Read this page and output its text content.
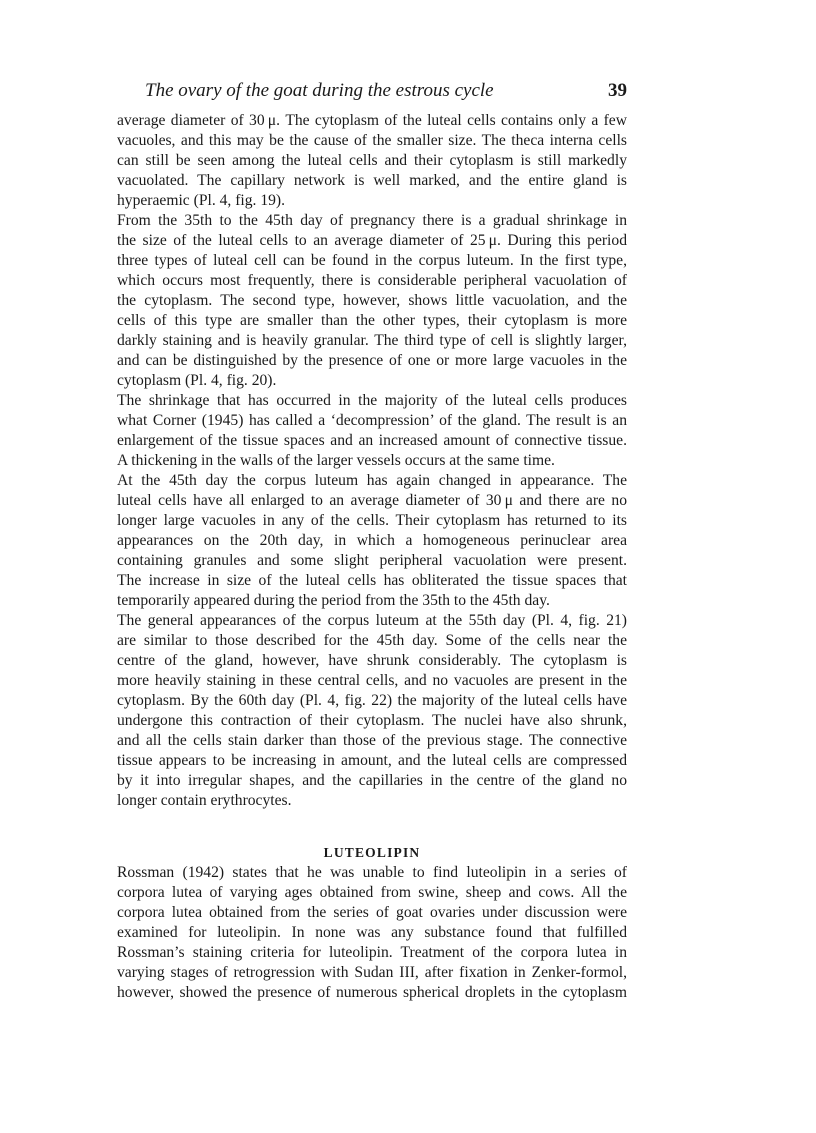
The ovary of the goat during the estrous cycle	39
average diameter of 30 μ. The cytoplasm of the luteal cells contains only a few
vacuoles, and this may be the cause of the smaller size. The theca interna cells
can still be seen among the luteal cells and their cytoplasm is still markedly
vacuolated. The capillary network is well marked, and the entire gland is
hyperaemic (Pl. 4, fig. 19).
From the 35th to the 45th day of pregnancy there is a gradual shrinkage in
the size of the luteal cells to an average diameter of 25 μ. During this period
three types of luteal cell can be found in the corpus luteum. In the first type,
which occurs most frequently, there is considerable peripheral vacuolation of
the cytoplasm. The second type, however, shows little vacuolation, and the
cells of this type are smaller than the other types, their cytoplasm is more
darkly staining and is heavily granular. The third type of cell is slightly larger,
and can be distinguished by the presence of one or more large vacuoles in the
cytoplasm (Pl. 4, fig. 20).
The shrinkage that has occurred in the majority of the luteal cells produces
what Corner (1945) has called a ‘decompression’ of the gland. The result is an
enlargement of the tissue spaces and an increased amount of connective tissue.
A thickening in the walls of the larger vessels occurs at the same time.
At the 45th day the corpus luteum has again changed in appearance. The
luteal cells have all enlarged to an average diameter of 30 μ and there are no
longer large vacuoles in any of the cells. Their cytoplasm has returned to its
appearances on the 20th day, in which a homogeneous perinuclear area
containing granules and some slight peripheral vacuolation were present.
The increase in size of the luteal cells has obliterated the tissue spaces that
temporarily appeared during the period from the 35th to the 45th day.
The general appearances of the corpus luteum at the 55th day (Pl. 4, fig. 21)
are similar to those described for the 45th day. Some of the cells near the
centre of the gland, however, have shrunk considerably. The cytoplasm is
more heavily staining in these central cells, and no vacuoles are present in the
cytoplasm. By the 60th day (Pl. 4, fig. 22) the majority of the luteal cells have
undergone this contraction of their cytoplasm. The nuclei have also shrunk,
and all the cells stain darker than those of the previous stage. The connective
tissue appears to be increasing in amount, and the luteal cells are compressed
by it into irregular shapes, and the capillaries in the centre of the gland no
longer contain erythrocytes.
LUTEOLIPIN
Rossman (1942) states that he was unable to find luteolipin in a series of
corpora lutea of varying ages obtained from swine, sheep and cows. All the
corpora lutea obtained from the series of goat ovaries under discussion were
examined for luteolipin. In none was any substance found that fulfilled
Rossman’s staining criteria for luteolipin. Treatment of the corpora lutea in
varying stages of retrogression with Sudan III, after fixation in Zenker-formol,
however, showed the presence of numerous spherical droplets in the cytoplasm
